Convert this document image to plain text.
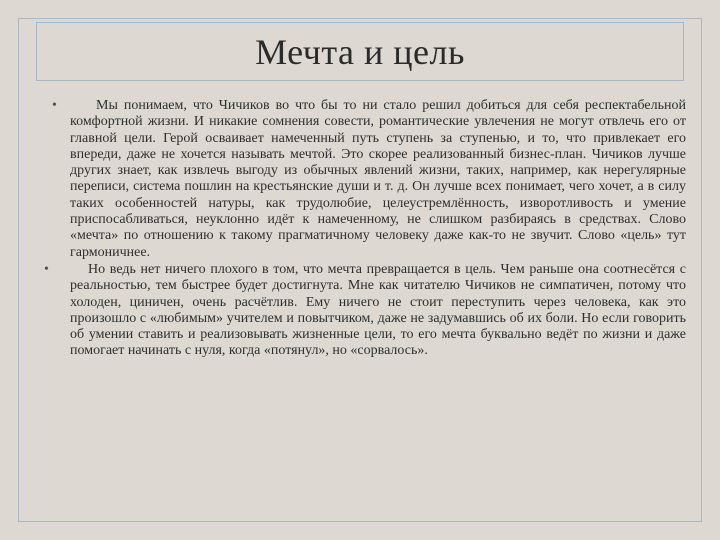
Мечта и цель
•	Мы понимаем, что Чичиков во что бы то ни стало решил добиться для себя респектабельной комфортной жизни. И никакие сомнения совести, романтические увлечения не могут отвлечь его от главной цели. Герой осваивает намеченный путь ступень за ступенью, и то, что привлекает его впереди, даже не хочется называть мечтой. Это скорее реализованный бизнес-план. Чичиков лучше других знает, как извлечь выгоду из обычных явлений жизни, таких, например, как нерегулярные переписи, система пошлин на крестьянские души и т. д. Он лучше всех понимает, чего хочет, а в силу таких особенностей натуры, как трудолюбие, целеустремлённость, изворотливость и умение приспосабливаться, неуклонно идёт к намеченному, не слишком разбираясь в средствах. Слово «мечта» по отношению к такому прагматичному человеку даже как-то не звучит. Слово «цель» тут гармоничнее.
•	Но ведь нет ничего плохого в том, что мечта превращается в цель. Чем раньше она соотнесётся с реальностью, тем быстрее будет достигнута. Мне как читателю Чичиков не симпатичен, потому что холоден, циничен, очень расчётлив. Ему ничего не стоит переступить через человека, как это произошло с «любимым» учителем и повытчиком, даже не задумавшись об их боли. Но если говорить об умении ставить и реализовывать жизненные цели, то его мечта буквально ведёт по жизни и даже помогает начинать с нуля, когда «потянул», но «сорвалось».
